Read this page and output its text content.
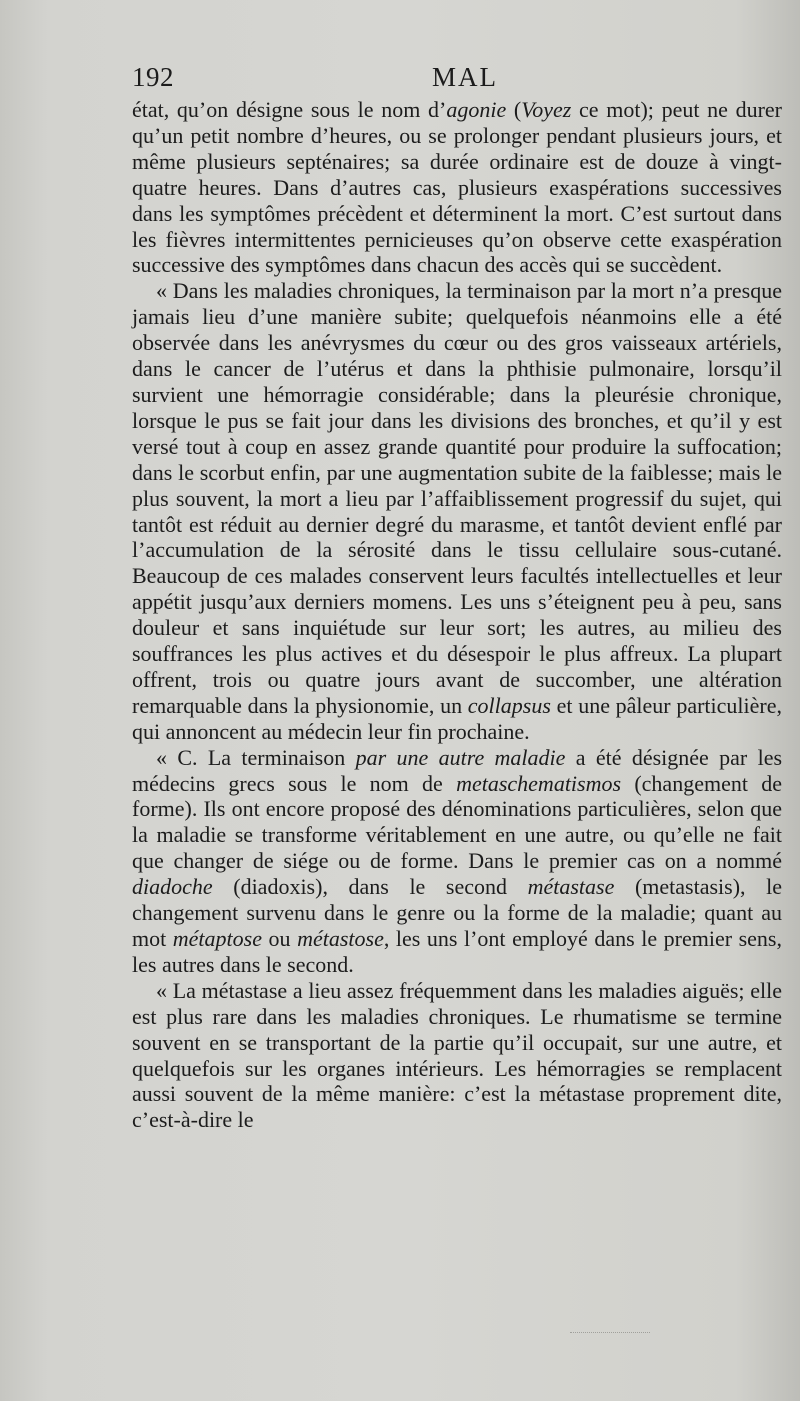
192	MAL

état, qu’on désigne sous le nom d’agonie (Voyez ce mot); peut ne durer qu’un petit nombre d’heures, ou se prolonger pendant plusieurs jours, et même plusieurs septénaires; sa durée ordinaire est de douze à vingt-quatre heures. Dans d’autres cas, plusieurs exaspérations successives dans les symptômes précèdent et déterminent la mort. C’est surtout dans les fièvres intermittentes pernicieuses qu’on observe cette exaspération successive des symptômes dans chacun des accès qui se succèdent.

« Dans les maladies chroniques, la terminaison par la mort n’a presque jamais lieu d’une manière subite; quelquefois néanmoins elle a été observée dans les anévrysmes du cœur ou des gros vaisseaux artériels, dans le cancer de l’utérus et dans la phthisie pulmonaire, lorsqu’il survient une hémorragie considérable; dans la pleurésie chronique, lorsque le pus se fait jour dans les divisions des bronches, et qu’il y est versé tout à coup en assez grande quantité pour produire la suffocation; dans le scorbut enfin, par une augmentation subite de la faiblesse; mais le plus souvent, la mort a lieu par l’affaiblissement progressif du sujet, qui tantôt est réduit au dernier degré du marasme, et tantôt devient enflé par l’accumulation de la sérosité dans le tissu cellulaire sous-cutané. Beaucoup de ces malades conservent leurs facultés intellectuelles et leur appétit jusqu’aux derniers momens. Les uns s’éteignent peu à peu, sans douleur et sans inquiétude sur leur sort; les autres, au milieu des souffrances les plus actives et du désespoir le plus affreux. La plupart offrent, trois ou quatre jours avant de succomber, une altération remarquable dans la physionomie, un collapsus et une pâleur particulière, qui annoncent au médecin leur fin prochaine.

« C. La terminaison par une autre maladie a été désignée par les médecins grecs sous le nom de metaschematismos (changement de forme). Ils ont encore proposé des dénominations particulières, selon que la maladie se transforme véritablement en une autre, ou qu’elle ne fait que changer de siége ou de forme. Dans le premier cas on a nommé diadoche (diadoxis), dans le second métastase (metastasis), le changement survenu dans le genre ou la forme de la maladie; quant au mot métaptose ou métastose, les uns l’ont employé dans le premier sens, les autres dans le second.

« La métastase a lieu assez fréquemment dans les maladies aiguës; elle est plus rare dans les maladies chroniques. Le rhumatisme se termine souvent en se transportant de la partie qu’il occupait, sur une autre, et quelquefois sur les organes intérieurs. Les hémorragies se remplacent aussi souvent de la même manière: c’est la métastase proprement dite, c’est-à-dire le
